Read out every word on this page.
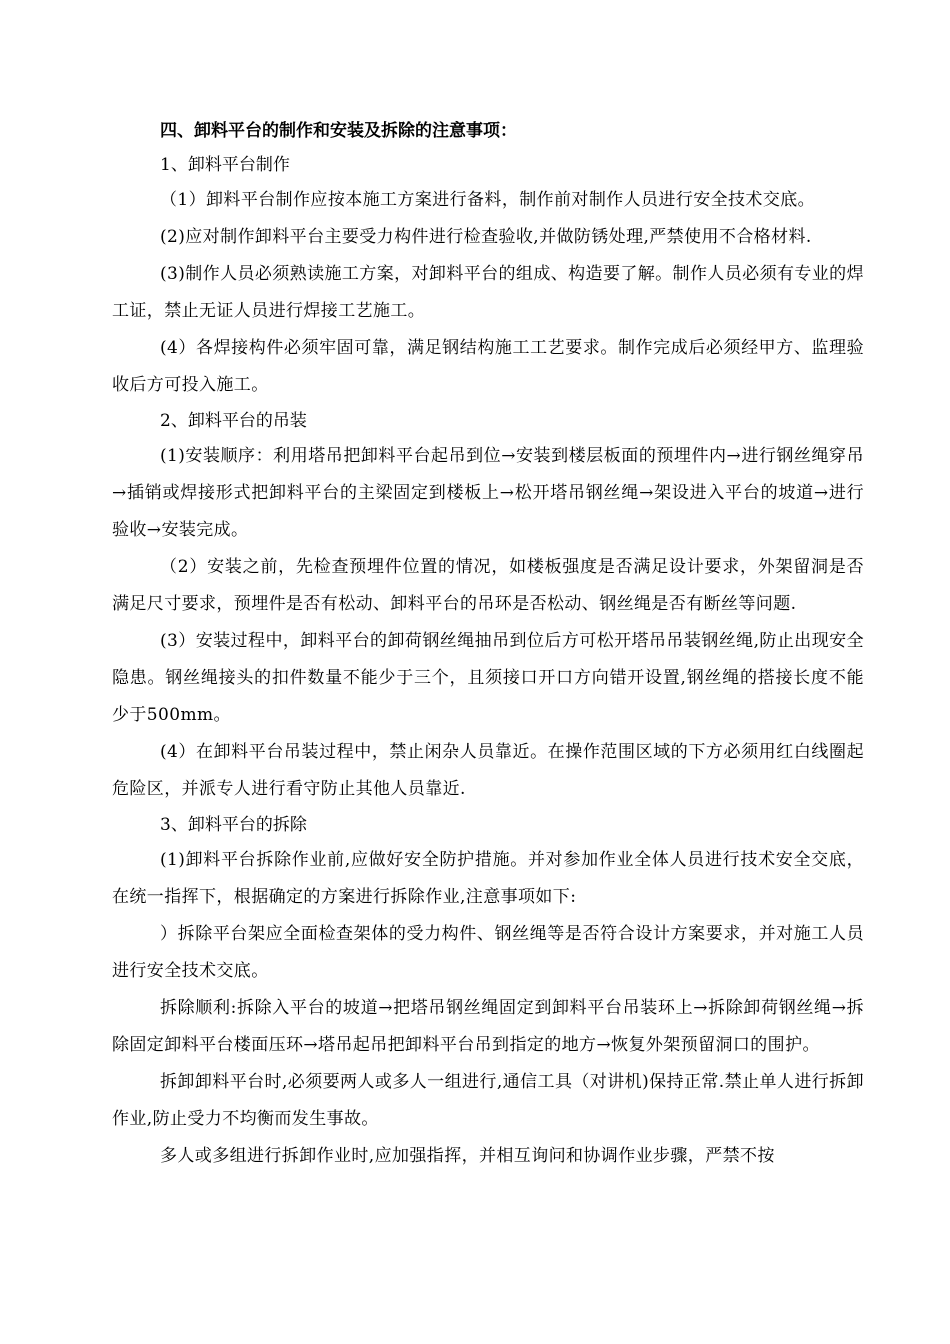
四、卸料平台的制作和安装及拆除的注意事项：

1、卸料平台制作

（1）卸料平台制作应按本施工方案进行备料，制作前对制作人员进行安全技术交底。

(2)应对制作卸料平台主要受力构件进行检查验收,并做防锈处理,严禁使用不合格材料.

(3)制作人员必须熟读施工方案，对卸料平台的组成、构造要了解。制作人员必须有专业的焊工证，禁止无证人员进行焊接工艺施工。

(4）各焊接构件必须牢固可靠，满足钢结构施工工艺要求。制作完成后必须经甲方、监理验收后方可投入施工。

2、卸料平台的吊装

(1)安装顺序：利用塔吊把卸料平台起吊到位→安装到楼层板面的预埋件内→进行钢丝绳穿吊→插销或焊接形式把卸料平台的主梁固定到楼板上→松开塔吊钢丝绳→架设进入平台的坡道→进行验收→安装完成。

（2）安装之前，先检查预埋件位置的情况，如楼板强度是否满足设计要求，外架留洞是否满足尺寸要求，预埋件是否有松动、卸料平台的吊环是否松动、钢丝绳是否有断丝等问题.

(3）安装过程中，卸料平台的卸荷钢丝绳抽吊到位后方可松开塔吊吊装钢丝绳,防止出现安全隐患。钢丝绳接头的扣件数量不能少于三个，且须接口开口方向错开设置,钢丝绳的搭接长度不能少于500mm。

(4）在卸料平台吊装过程中，禁止闲杂人员靠近。在操作范围区域的下方必须用红白线圈起危险区，并派专人进行看守防止其他人员靠近.

3、卸料平台的拆除

(1)卸料平台拆除作业前,应做好安全防护措施。并对参加作业全体人员进行技术安全交底，在统一指挥下，根据确定的方案进行拆除作业,注意事项如下:

）拆除平台架应全面检查架体的受力构件、钢丝绳等是否符合设计方案要求，并对施工人员进行安全技术交底。

拆除顺利:拆除入平台的坡道→把塔吊钢丝绳固定到卸料平台吊装环上→拆除卸荷钢丝绳→拆除固定卸料平台楼面压环→塔吊起吊把卸料平台吊到指定的地方→恢复外架预留洞口的围护。

拆卸卸料平台时,必须要两人或多人一组进行,通信工具（对讲机)保持正常.禁止单人进行拆卸作业,防止受力不均衡而发生事故。

多人或多组进行拆卸作业时,应加强指挥，并相互询问和协调作业步骤，严禁不按
